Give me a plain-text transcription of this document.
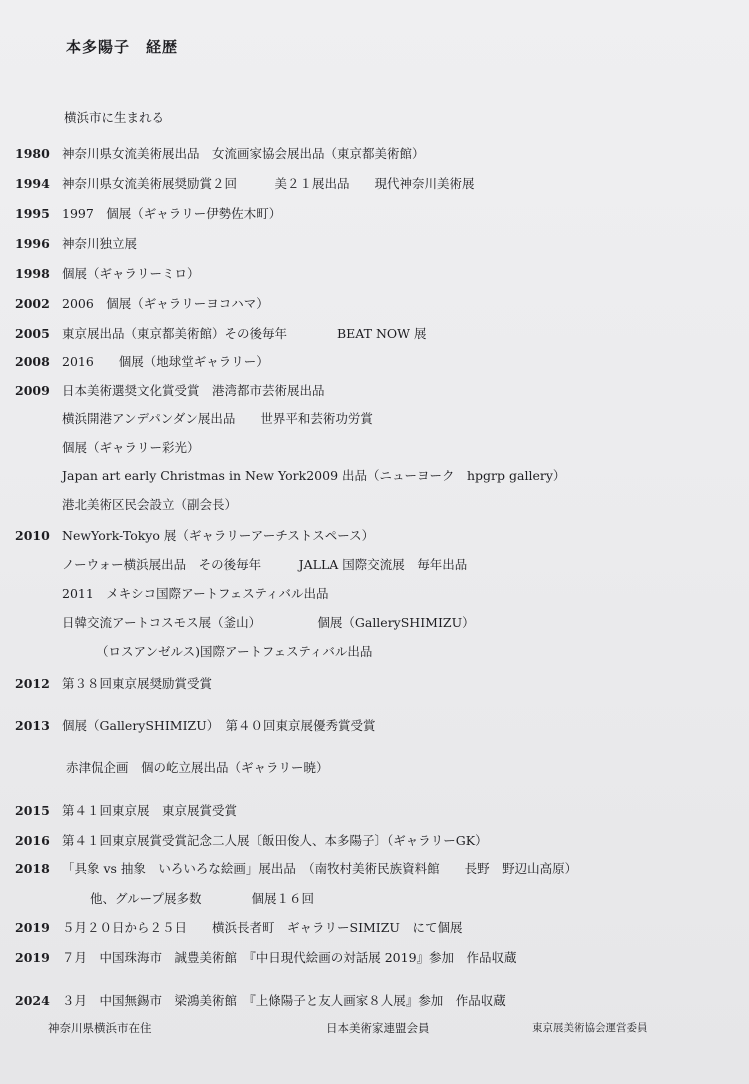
本多陽子　経歴
横浜市に生まれる
1980 神奈川県女流美術展出品　女流画家協会展出品（東京都美術館）
1994 神奈川県女流美術展奨励賞２回　　　美２１展出品　　現代神奈川美術展
1995 1997　個展（ギャラリー伊勢佐木町）
1996 神奈川独立展
1998 個展（ギャラリーミロ）
2002 2006　個展（ギャラリーヨコハマ）
2005 東京展出品（東京都美術館）その後毎年　　　　BEAT NOW 展
2008 2016　　個展（地球堂ギャラリー）
2009 日本美術選奨文化賞受賞　港湾都市芸術展出品
横浜開港アンデパンダン展出品　　世界平和芸術功労賞
個展（ギャラリー彩光）
Japan art early Christmas in New York2009 出品（ニューヨーク　hpgrp gallery）
港北美術区民会設立（副会長）
2010 NewYork-Tokyo 展（ギャラリーアーチストスペース）
ノーウォー横浜展出品　その後毎年　　　JALLA 国際交流展　毎年出品
2011　メキシコ国際アートフェスティバル出品
日韓交流アートコスモス展（釜山）　　　　　個展（GallerySHIMIZU）
（ロスアンゼルス)国際アートフェスティバル出品
2012 第３８回東京展奨励賞受賞
2013 個展（GallerySHIMIZU）　第４０回東京展優秀賞受賞
赤津侃企画　個の屹立展出品（ギャラリー暁）
2015 第４１回東京展　東京展賞受賞
2016 第４１回東京展賞受賞記念二人展〔飯田俊人、本多陽子〕（ギャラリーGK）
2018 「具象 vs 抽象　いろいろな絵画」展出品　（南牧村美術民族資料館　　長野　野辺山高原）
他、グループ展多数　　　　個展１６回
2019 ５月２０日から２５日　　横浜長者町　ギャラリーSIMIZU　にて個展
2019 ７月　中国珠海市　誠豊美術館　『中日現代絵画の対話展 2019』参加　作品収蔵
2024 ３月　中国無錫市　梁鴻美術館　『上條陽子と友人画家８人展』参加　作品収蔵
神奈川県横浜市在住	日本美術家連盟会員	東京展美術協会運営委員
